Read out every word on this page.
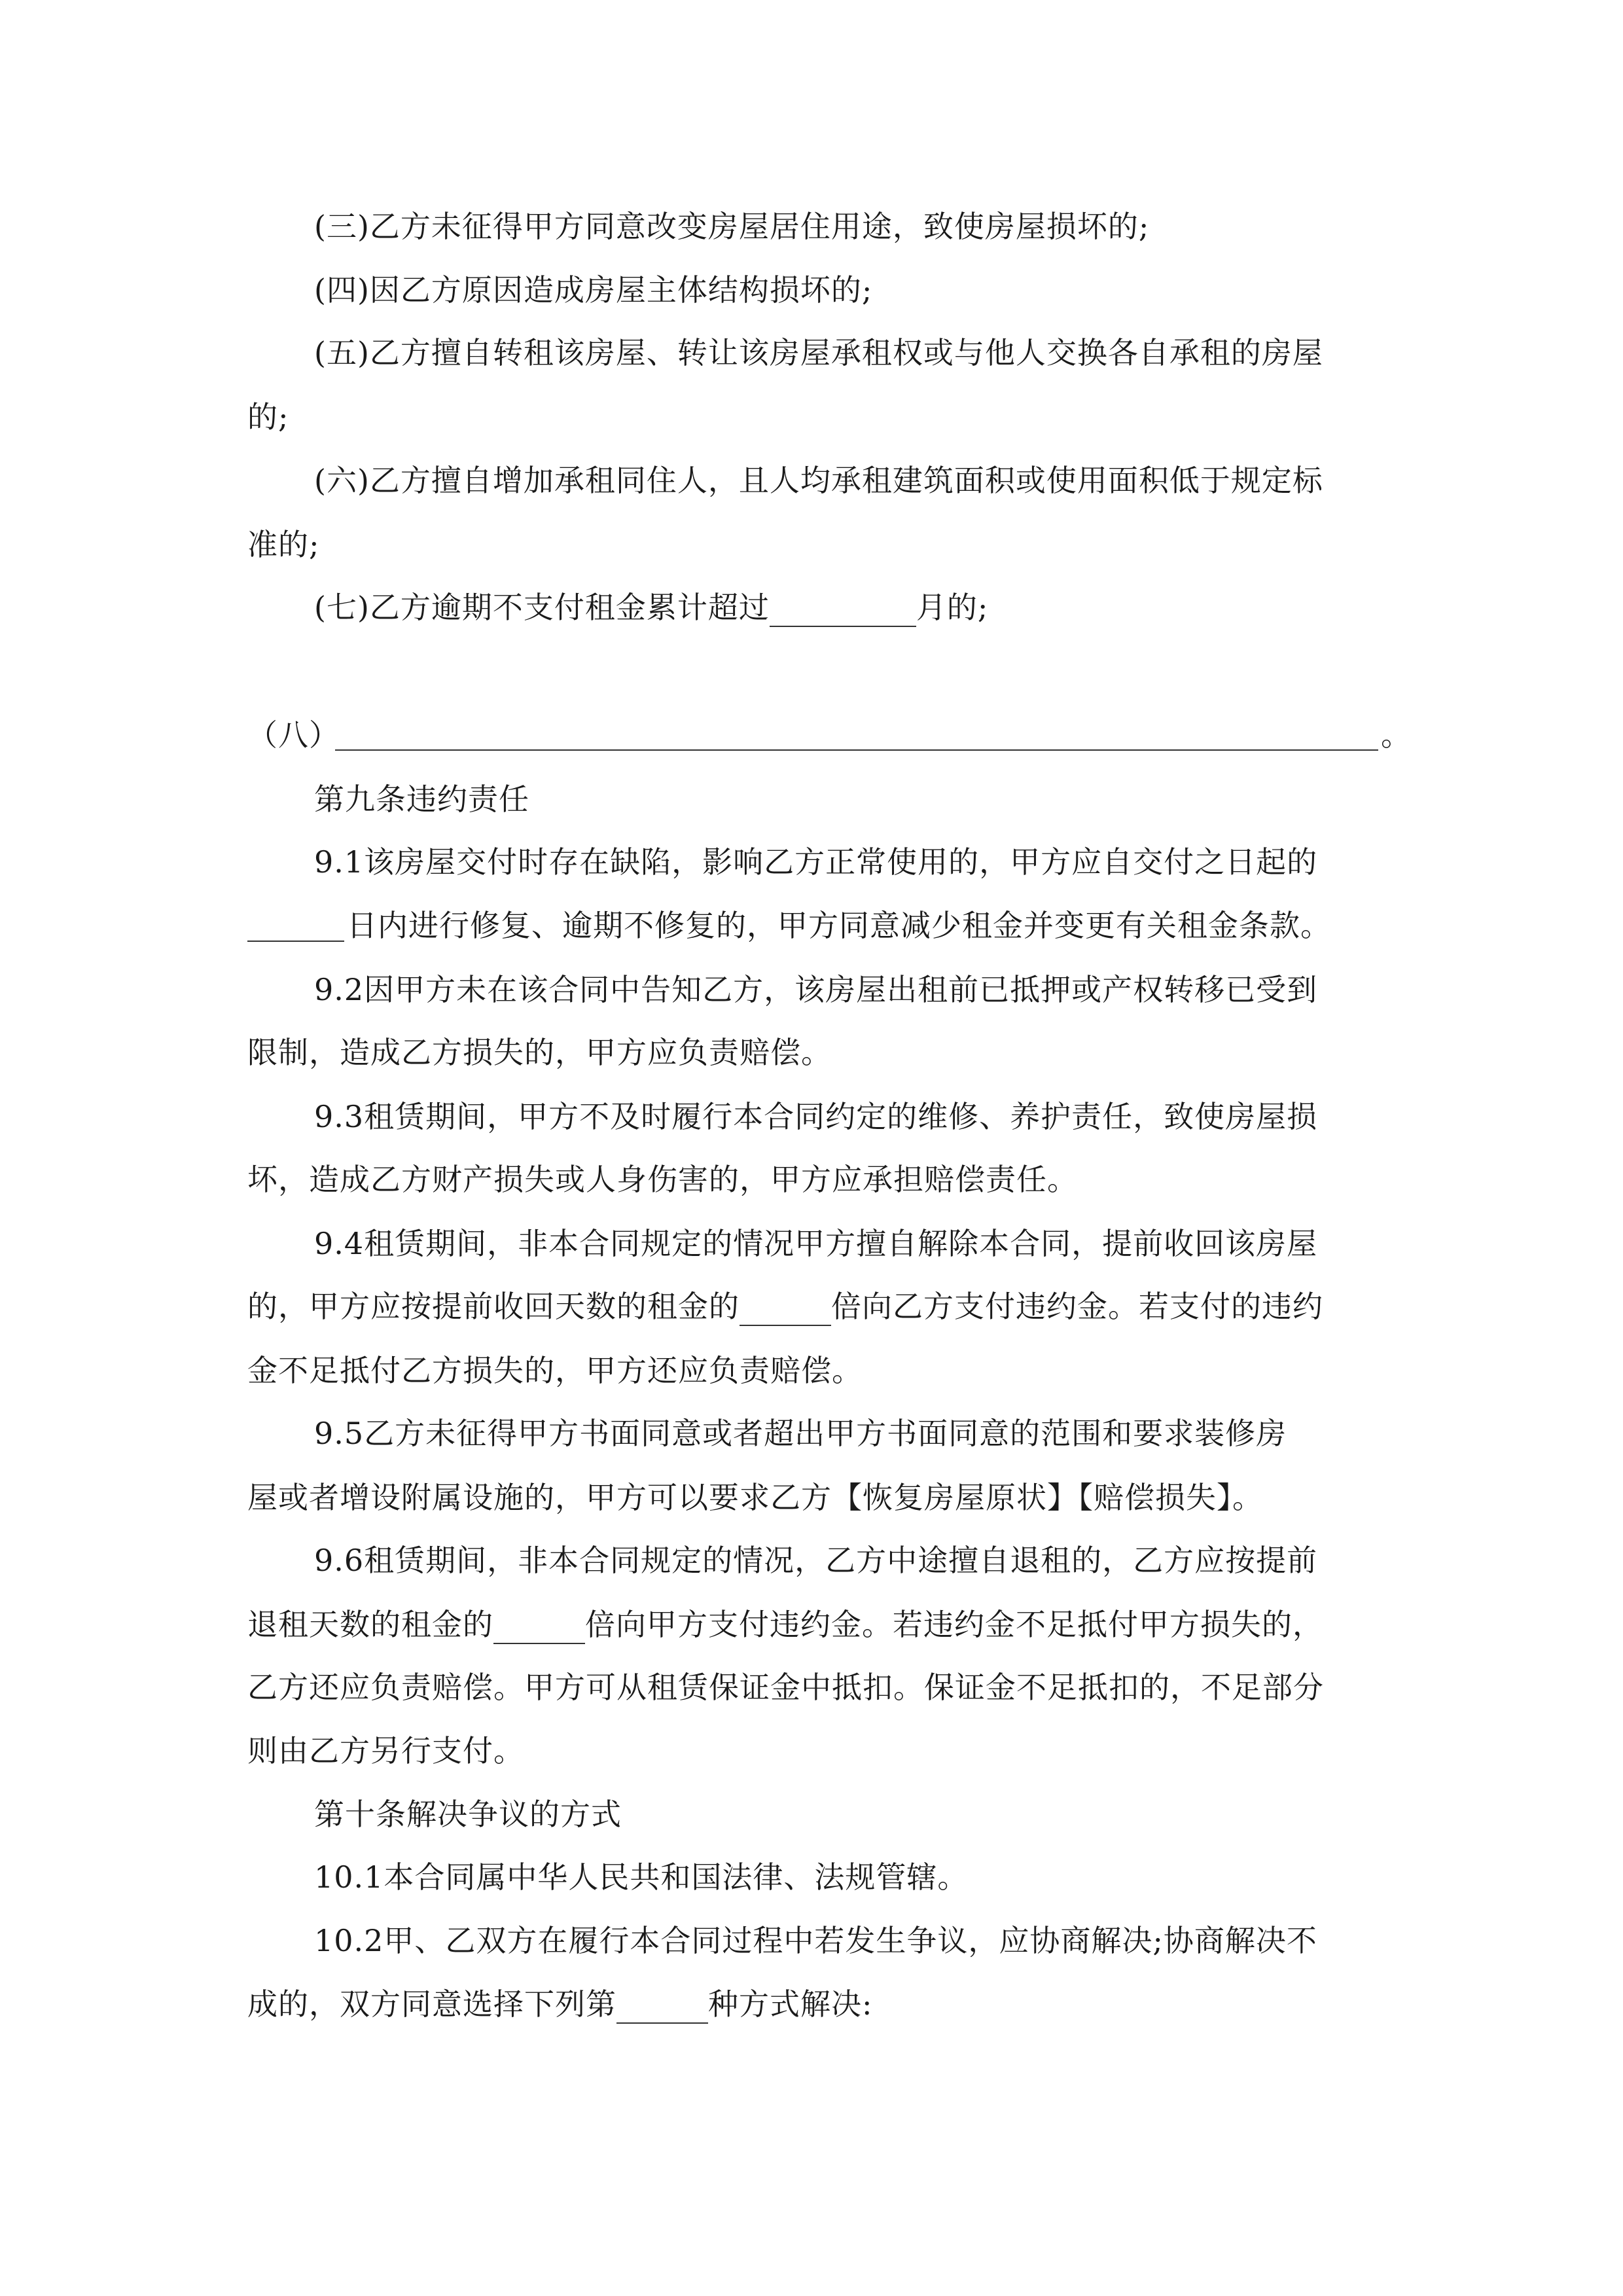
(三)乙方未征得甲方同意改变房屋居住用途，致使房屋损坏的;
(四)因乙方原因造成房屋主体结构损坏的;
(五)乙方擅自转租该房屋、转让该房屋承租权或与他人交换各自承租的房屋
的;
(六)乙方擅自增加承租同住人，且人均承租建筑面积或使用面积低于规定标
准的;
(七)乙方逾期不支付租金累计超过	月的;
（八）	。
第九条违约责任
9.1该房屋交付时存在缺陷，影响乙方正常使用的，甲方应自交付之日起的
日内进行修复、逾期不修复的，甲方同意减少租金并变更有关租金条款。
9.2因甲方未在该合同中告知乙方，该房屋出租前已抵押或产权转移已受到
限制，造成乙方损失的，甲方应负责赔偿。
9.3租赁期间，甲方不及时履行本合同约定的维修、养护责任，致使房屋损
坏，造成乙方财产损失或人身伤害的，甲方应承担赔偿责任。
9.4租赁期间，非本合同规定的情况甲方擅自解除本合同，提前收回该房屋
的，甲方应按提前收回天数的租金的	倍向乙方支付违约金。若支付的违约
金不足抵付乙方损失的，甲方还应负责赔偿。
9.5乙方未征得甲方书面同意或者超出甲方书面同意的范围和要求装修房
屋或者增设附属设施的，甲方可以要求乙方【恢复房屋原状】【赔偿损失】。
9.6租赁期间，非本合同规定的情况，乙方中途擅自退租的，乙方应按提前
退租天数的租金的	倍向甲方支付违约金。若违约金不足抵付甲方损失的，
乙方还应负责赔偿。甲方可从租赁保证金中抵扣。保证金不足抵扣的，不足部分
则由乙方另行支付。
第十条解决争议的方式
10.1本合同属中华人民共和国法律、法规管辖。
10.2甲、乙双方在履行本合同过程中若发生争议，应协商解决;协商解决不
成的，双方同意选择下列第	种方式解决:
